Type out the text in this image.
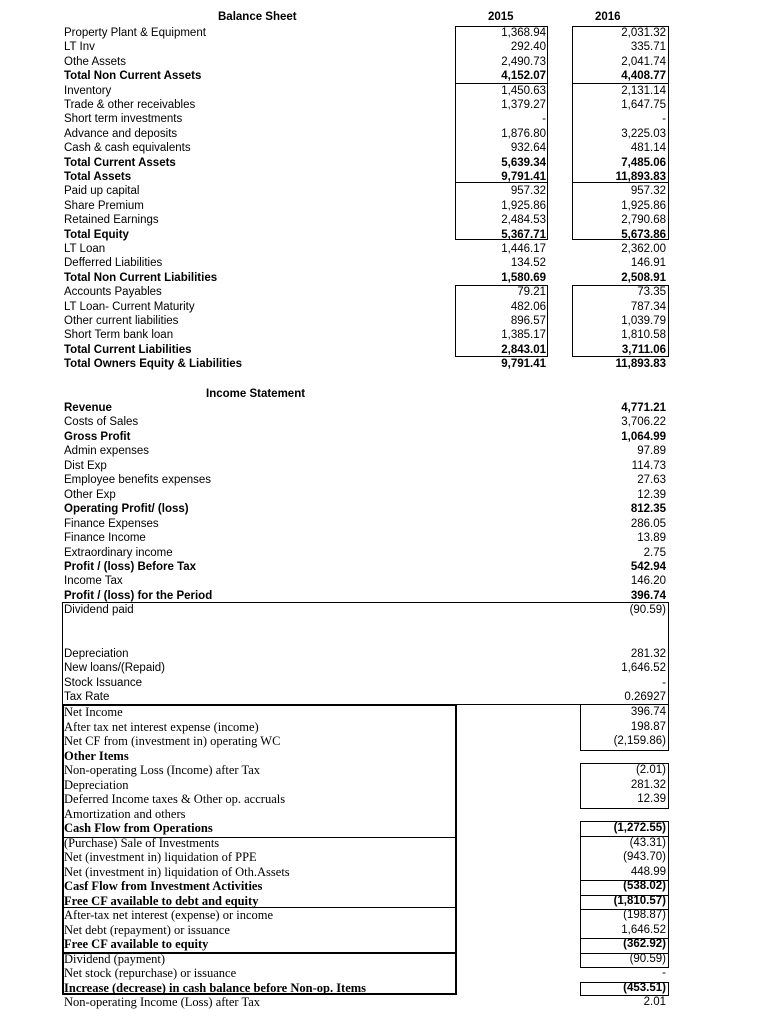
Balance Sheet	2015	2016
Property Plant & Equipment	1,368.94	2,031.32
LT Inv	292.40	335.71
Othe Assets	2,490.73	2,041.74
Total Non Current Assets	4,152.07	4,408.77
Inventory	1,450.63	2,131.14
Trade & other receivables	1,379.27	1,647.75
Short term investments	-	-
Advance and deposits	1,876.80	3,225.03
Cash & cash equivalents	932.64	481.14
Total Current Assets	5,639.34	7,485.06
Total Assets	9,791.41	11,893.83
Paid up capital	957.32	957.32
Share Premium	1,925.86	1,925.86
Retained Earnings	2,484.53	2,790.68
Total Equity	5,367.71	5,673.86
LT Loan	1,446.17	2,362.00
Defferred Liabilities	134.52	146.91
Total Non Current Liabilities	1,580.69	2,508.91
Accounts Payables	79.21	73.35
LT Loan- Current Maturity	482.06	787.34
Other current liabilities	896.57	1,039.79
Short Term bank loan	1,385.17	1,810.58
Total Current Liabilities	2,843.01	3,711.06
Total Owners Equity & Liabilities	9,791.41	11,893.83
Income Statement
Revenue	4,771.21
Costs of Sales	3,706.22
Gross Profit	1,064.99
Admin expenses	97.89
Dist Exp	114.73
Employee benefits expenses	27.63
Other Exp	12.39
Operating Profit/ (loss)	812.35
Finance Expenses	286.05
Finance Income	13.89
Extraordinary income	2.75
Profit / (loss) Before Tax	542.94
Income Tax	146.20
Profit / (loss) for the Period	396.74
Dividend paid	(90.59)
Depreciation	281.32
New loans/(Repaid)	1,646.52
Stock Issuance	-
Tax Rate	0.26927
Net Income	396.74
After tax net interest expense (income)	198.87
Net CF from (investment in) operating WC	(2,159.86)
Other Items
Non-operating Loss (Income) after Tax	(2.01)
Depreciation	281.32
Deferred Income taxes & Other op. accruals	12.39
Amortization and others
Cash Flow from Operations	(1,272.55)
(Purchase) Sale of Investments	(43.31)
Net (investment in) liquidation of PPE	(943.70)
Net (investment in) liquidation of Oth.Assets	448.99
Casf Flow from Investment Activities	(538.02)
Free CF available to debt and equity	(1,810.57)
After-tax net interest (expense) or income	(198.87)
Net debt (repayment) or issuance	1,646.52
Free CF available to equity	(362.92)
Dividend (payment)	(90.59)
Net stock (repurchase) or issuance	-
Increase (decrease) in cash balance before Non-op. Items	(453.51)
Non-operating Income (Loss) after Tax	2.01
